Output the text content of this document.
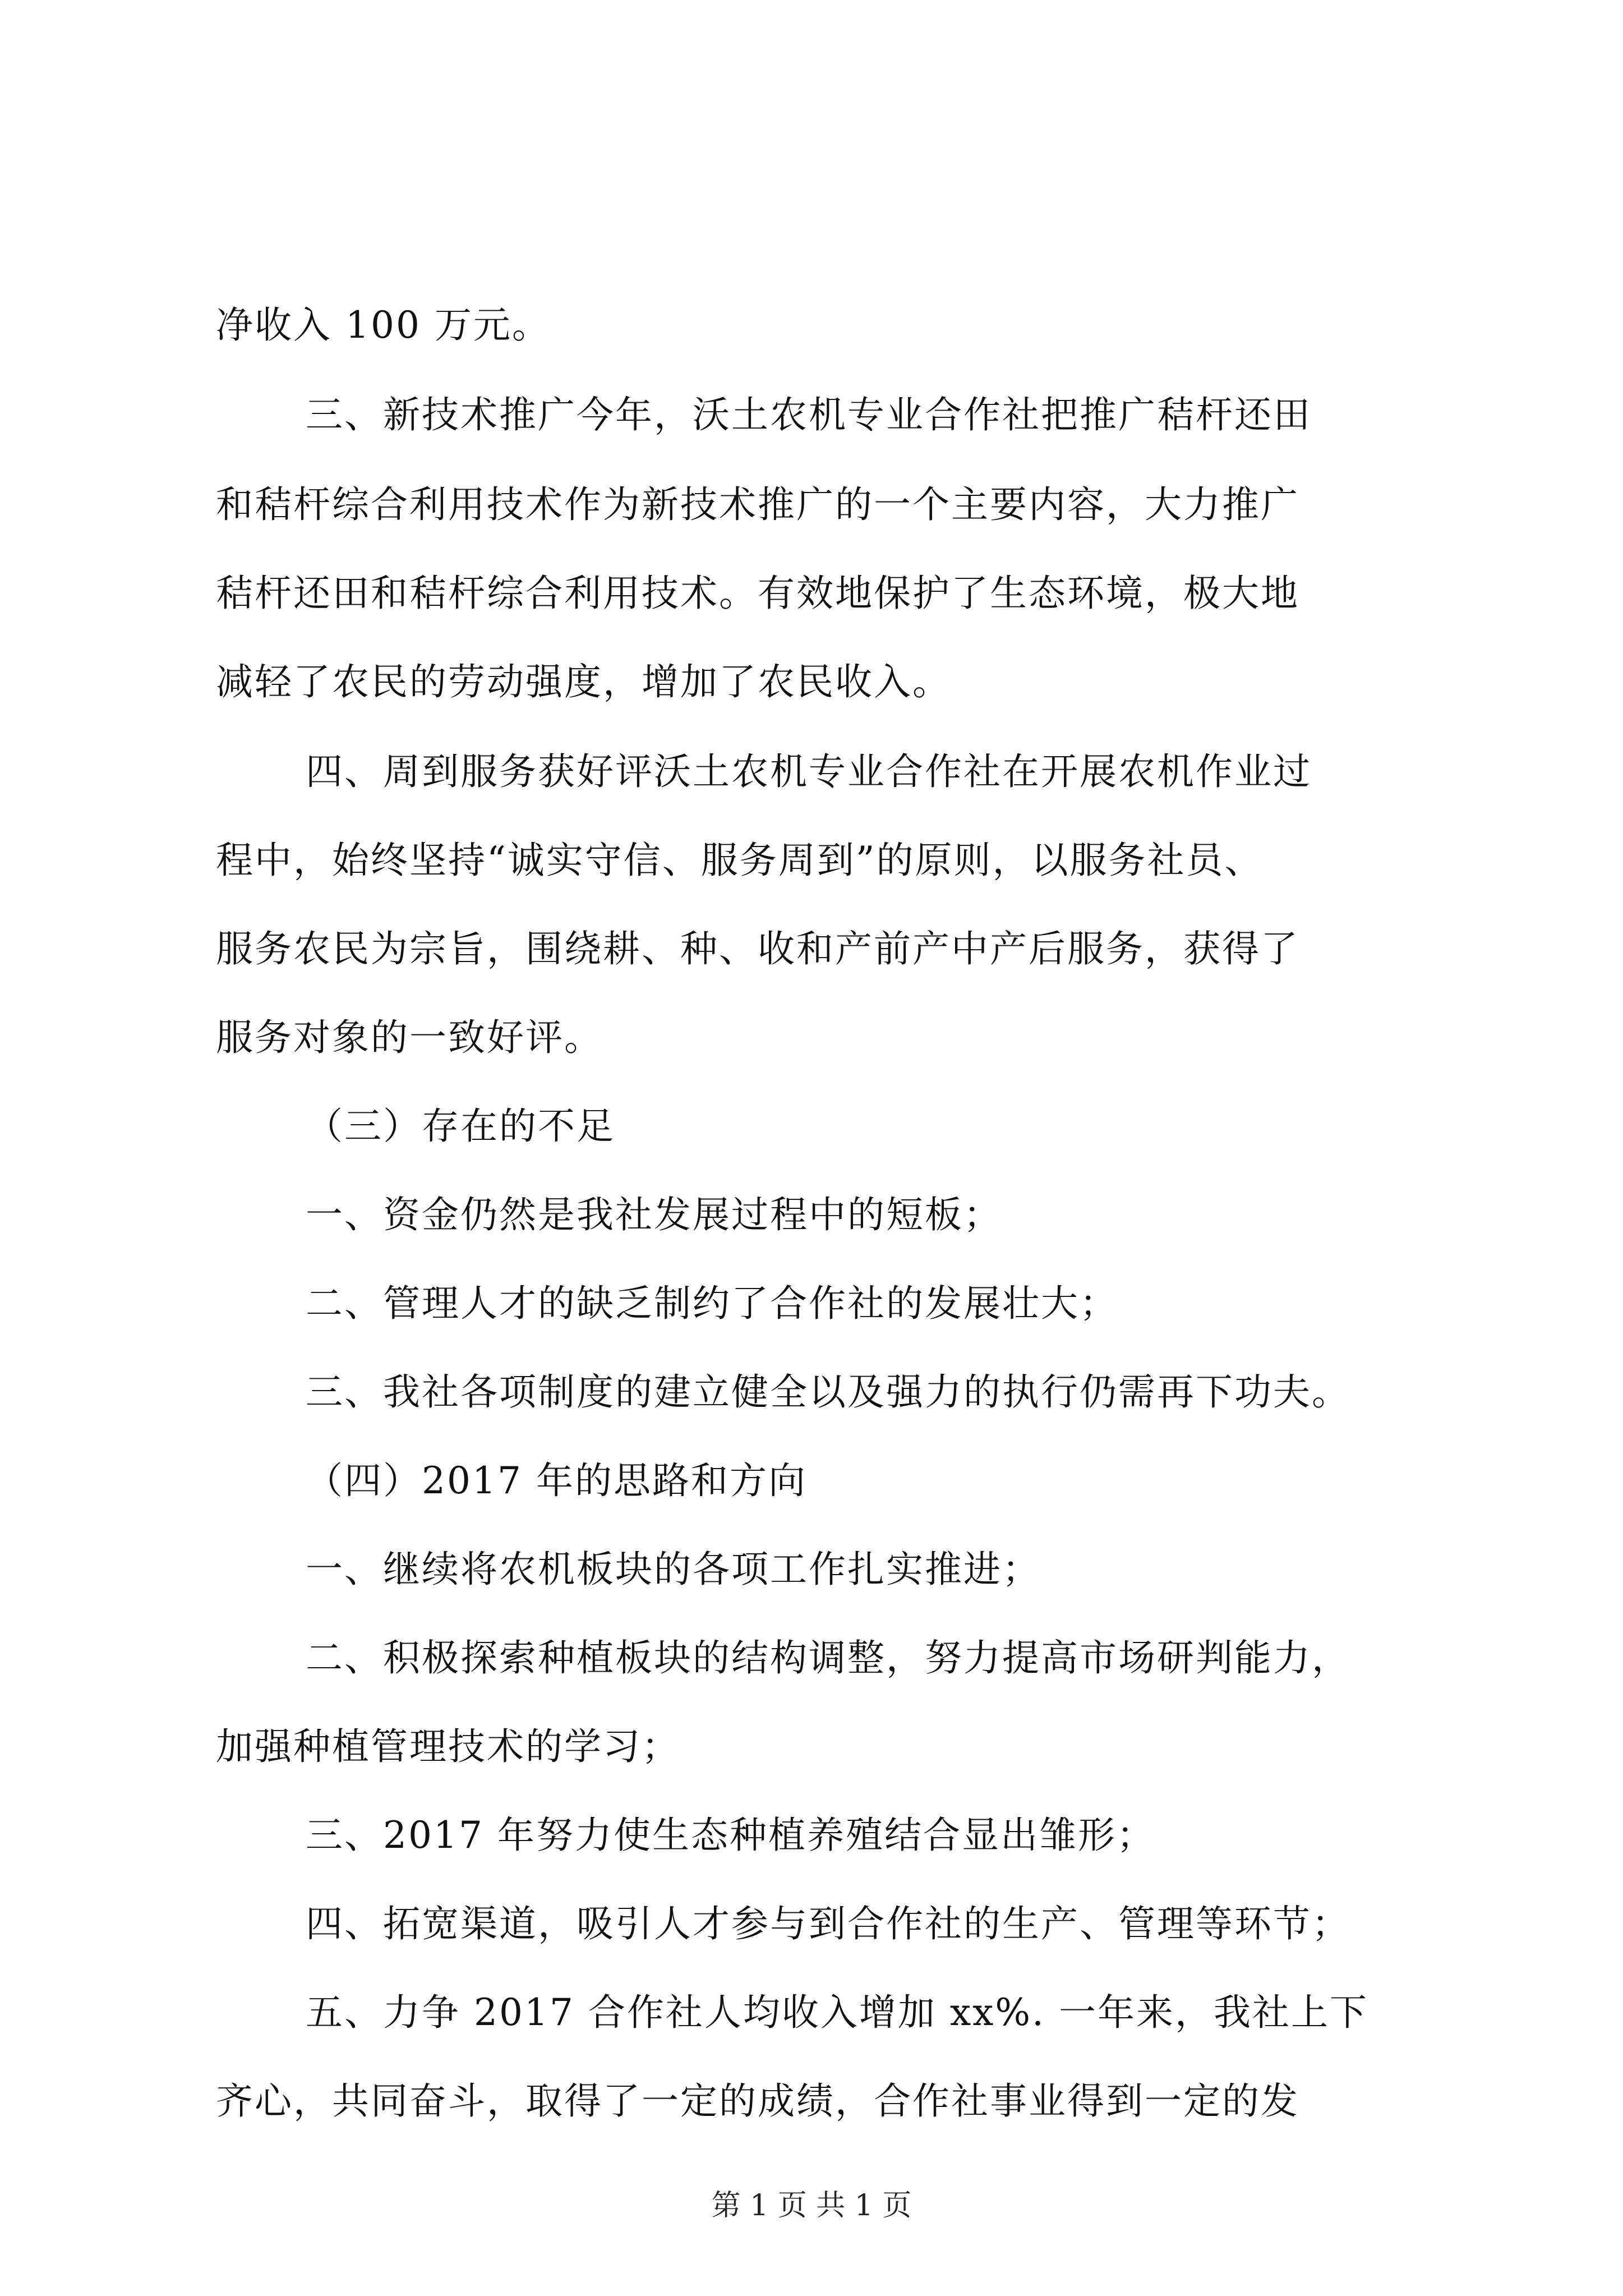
净收入 100 万元。
三、新技术推广今年，沃土农机专业合作社把推广秸杆还田
和秸杆综合利用技术作为新技术推广的一个主要内容，大力推广
秸杆还田和秸杆综合利用技术。有效地保护了生态环境，极大地
减轻了农民的劳动强度，增加了农民收入。
四、周到服务获好评沃土农机专业合作社在开展农机作业过
程中，始终坚持“诚实守信、服务周到”的原则，以服务社员、
服务农民为宗旨，围绕耕、种、收和产前产中产后服务，获得了
服务对象的一致好评。
（三）存在的不足
一、资金仍然是我社发展过程中的短板；
二、管理人才的缺乏制约了合作社的发展壮大；
三、我社各项制度的建立健全以及强力的执行仍需再下功夫。
（四）2017 年的思路和方向
一、继续将农机板块的各项工作扎实推进；
二、积极探索种植板块的结构调整，努力提高市场研判能力，
加强种植管理技术的学习；
三、2017 年努力使生态种植养殖结合显出雏形；
四、拓宽渠道，吸引人才参与到合作社的生产、管理等环节；
五、力争 2017 合作社人均收入增加 xx%. 一年来，我社上下
齐心，共同奋斗，取得了一定的成绩，合作社事业得到一定的发
第 1 页 共 1 页
